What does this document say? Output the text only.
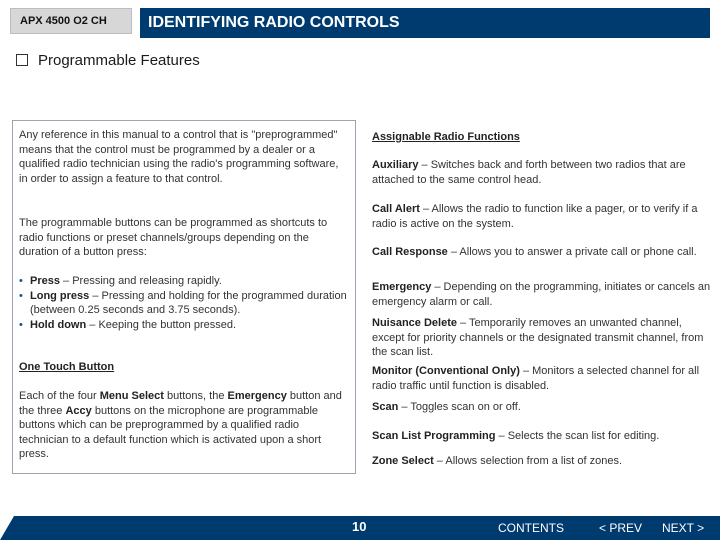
APX 4500 O2 CH	IDENTIFYING RADIO CONTROLS
Programmable Features
Any reference in this manual to a control that is "preprogrammed" means that the control must be programmed by a dealer or a qualified radio technician using the radio's programming software, in order to assign a feature to that control.
The programmable buttons can be programmed as shortcuts to radio functions or preset channels/groups depending on the duration of a button press:
• Press – Pressing and releasing rapidly.
• Long press – Pressing and holding for the programmed duration (between 0.25 seconds and 3.75 seconds).
• Hold down – Keeping the button pressed.
One Touch Button
Each of the four Menu Select buttons, the Emergency button and the three Accy buttons on the microphone are programmable buttons which can be preprogrammed by a qualified radio technician to a default function which is activated upon a short press.
Assignable Radio Functions
Auxiliary – Switches back and forth between two radios that are attached to the same control head.
Call Alert – Allows the radio to function like a pager, or to verify if a radio is active on the system.
Call Response – Allows you to answer a private call or phone call.
Emergency – Depending on the programming, initiates or cancels an emergency alarm or call.
Nuisance Delete – Temporarily removes an unwanted channel, except for priority channels or the designated transmit channel, from the scan list.
Monitor (Conventional Only) – Monitors a selected channel for all radio traffic until function is disabled.
Scan – Toggles scan on or off.
Scan List Programming – Selects the scan list for editing.
Zone Select – Allows selection from a list of zones.
10	CONTENTS	< PREV NEXT >
